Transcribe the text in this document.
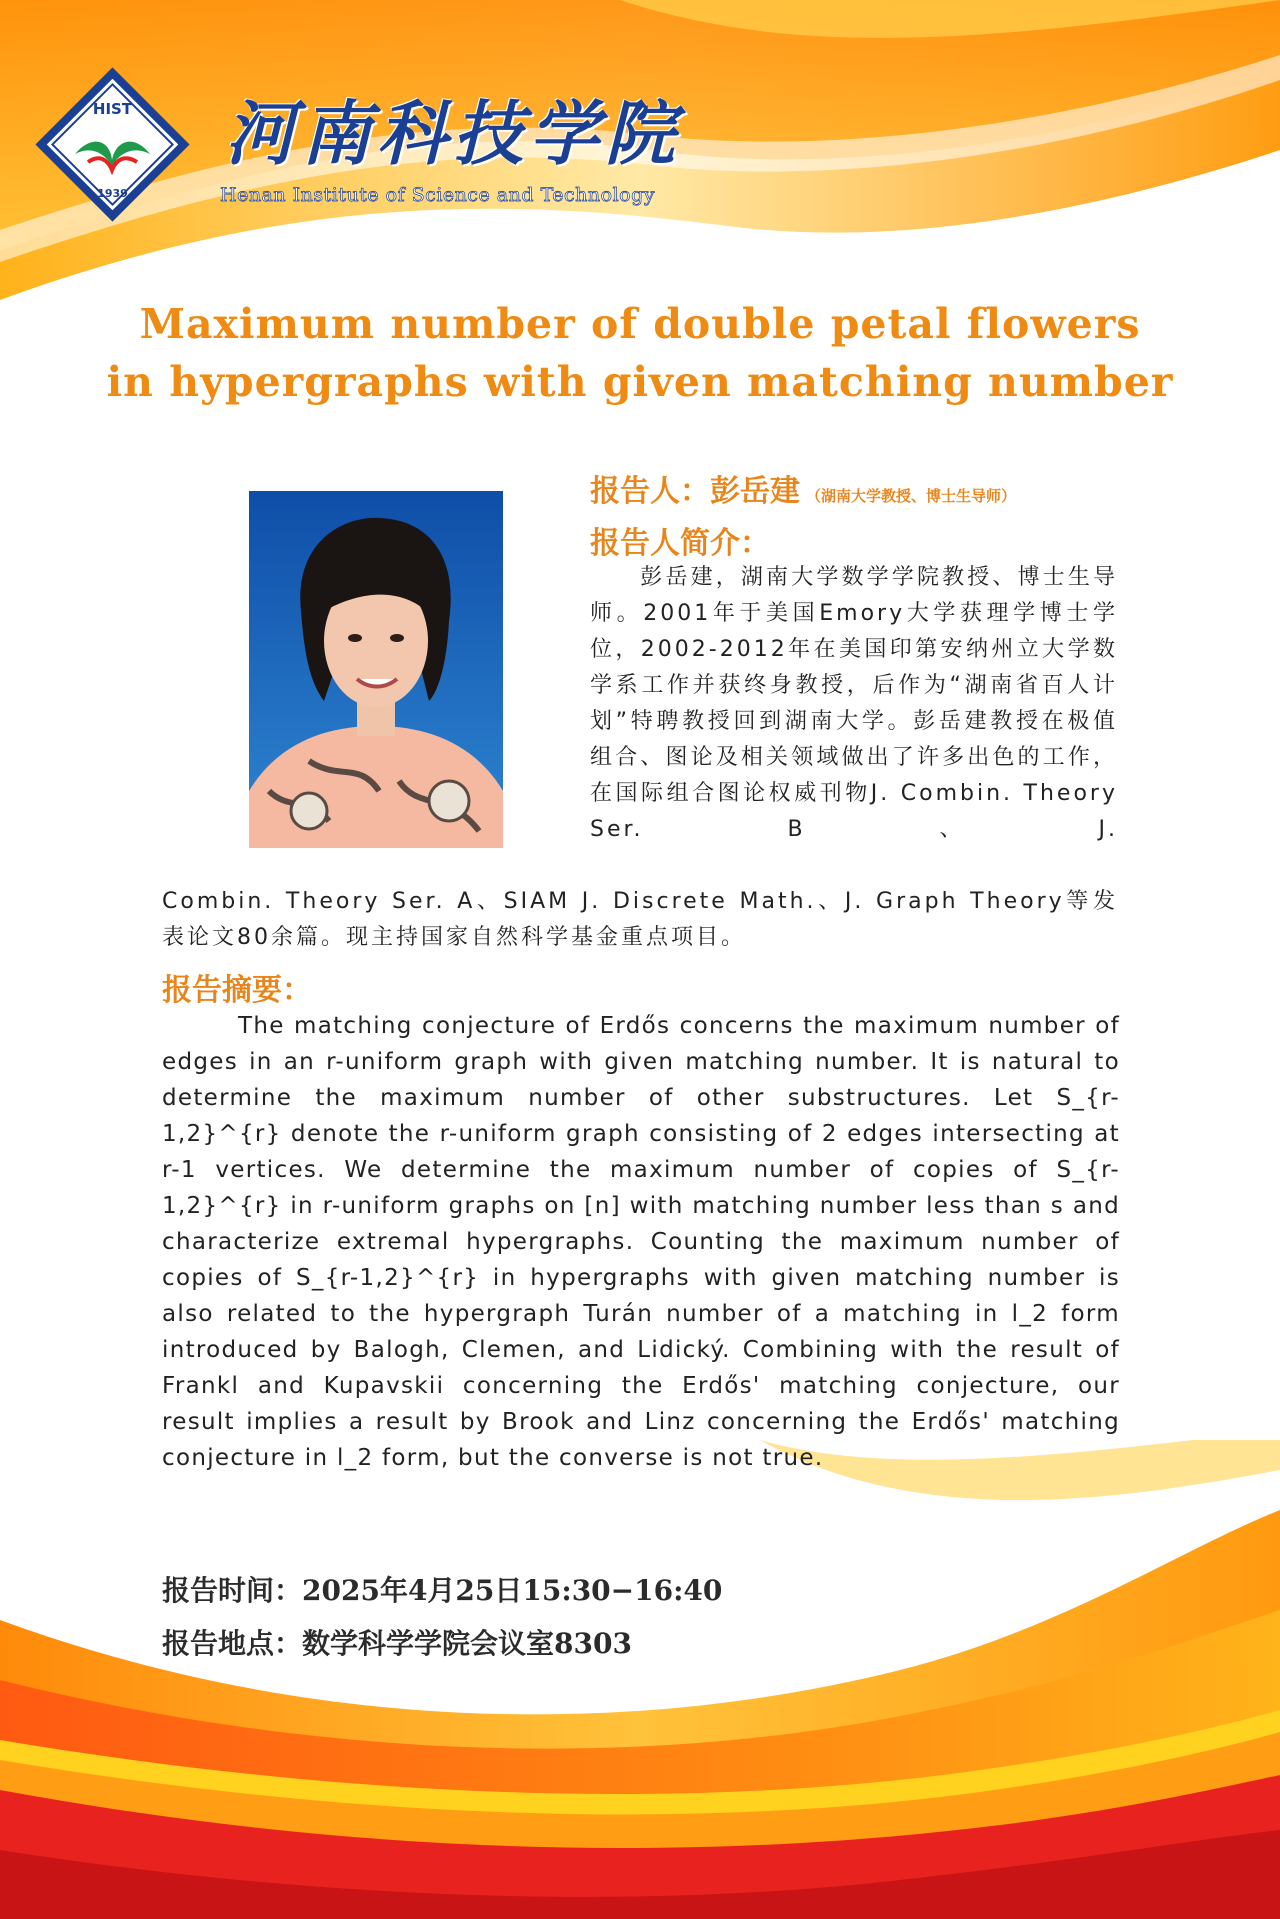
HIST
1939
河南科技学院
Henan Institute of Science and Technology
Maximum number of double petal flowers
in hypergraphs with given matching number
报告人：彭岳建 （湖南大学教授、博士生导师）
报告人简介：
　　彭岳建，湖南大学数学学院教授、博士生导师。2001年于美国Emory大学获理学博士学位，2002-2012年在美国印第安纳州立大学数学系工作并获终身教授，后作为“湖南省百人计划”特聘教授回到湖南大学。彭岳建教授在极值组合、图论及相关领域做出了许多出色的工作，在国际组合图论权威刊物J. Combin. Theory Ser. B、J.
Combin. Theory Ser. A、SIAM J. Discrete Math.、J. Graph Theory等发表论文80余篇。现主持国家自然科学基金重点项目。
报告摘要：
The matching conjecture of Erdős concerns the maximum number of edges in an r-uniform graph with given matching number. It is natural to determine the maximum number of other substructures. Let S_{r-1,2}^{r} denote the r-uniform graph consisting of 2 edges intersecting at r-1 vertices. We determine the maximum number of copies of S_{r-1,2}^{r} in r-uniform graphs on [n] with matching number less than s and characterize extremal hypergraphs. Counting the maximum number of copies of S_{r-1,2}^{r} in hypergraphs with given matching number is also related to the hypergraph Turán number of a matching in l_2 form introduced by Balogh, Clemen, and Lidický. Combining with the result of Frankl and Kupavskii concerning the Erdős' matching conjecture, our result implies a result by Brook and Linz concerning the Erdős' matching conjecture in l_2 form, but the converse is not true.
报告时间：2025年4月25日15:30−16:40
报告地点：数学科学学院会议室8303
